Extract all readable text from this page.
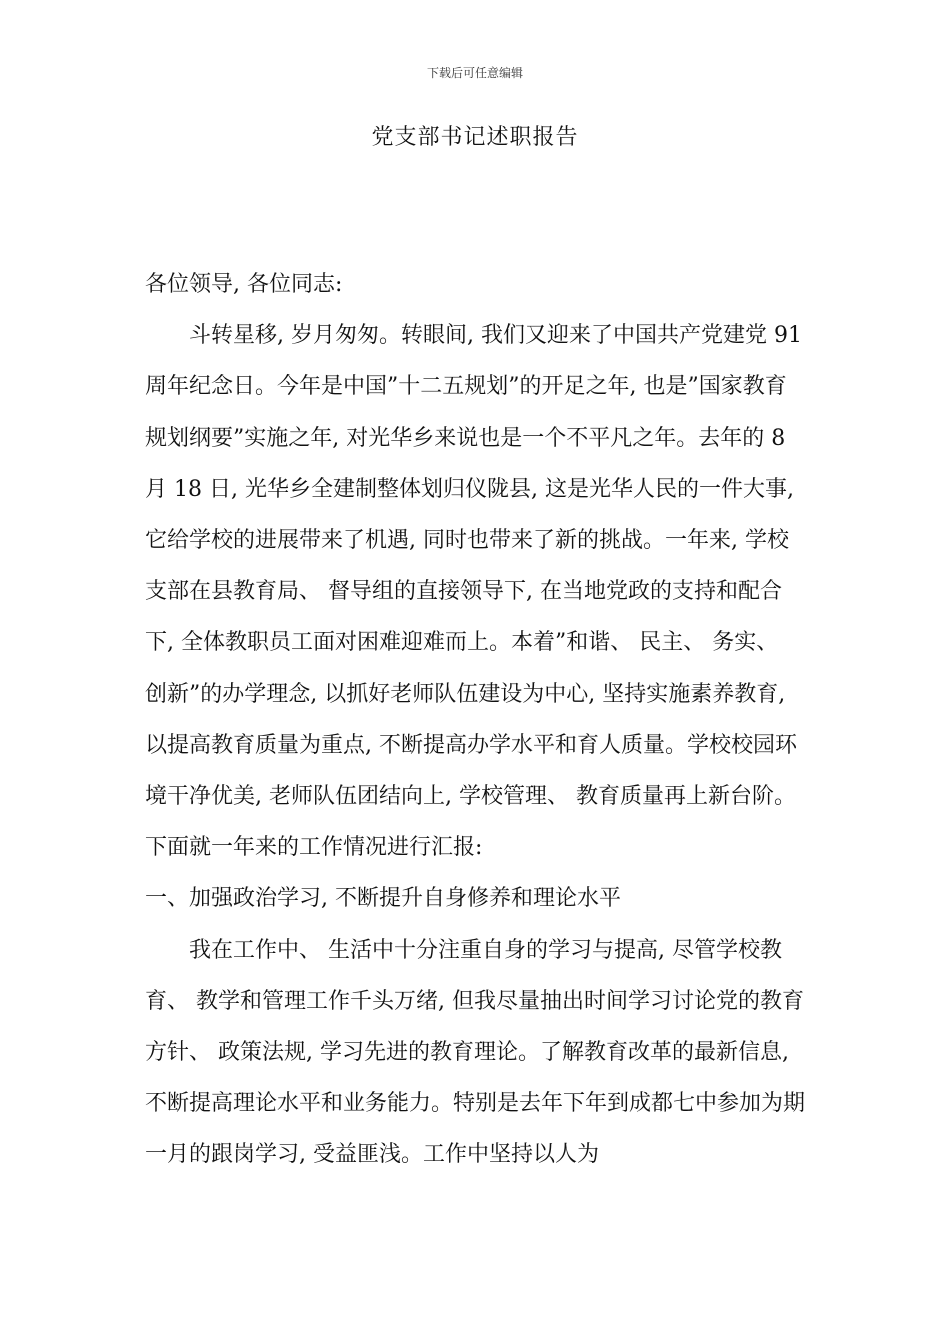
下载后可任意编辑
党支部书记述职报告

各位领导, 各位同志:

斗转星移, 岁月匆匆。转眼间, 我们又迎来了中国共产党建党 91 周年纪念日。今年是中国”十二五规划”的开足之年, 也是”国家教育规划纲要”实施之年, 对光华乡来说也是一个不平凡之年。去年的 8 月 18 日, 光华乡全建制整体划归仪陇县, 这是光华人民的一件大事, 它给学校的进展带来了机遇, 同时也带来了新的挑战。一年来, 学校支部在县教育局、 督导组的直接领导下, 在当地党政的支持和配合下, 全体教职员工面对困难迎难而上。本着”和谐、 民主、 务实、 创新”的办学理念, 以抓好老师队伍建设为中心, 坚持实施素养教育, 以提高教育质量为重点, 不断提高办学水平和育人质量。学校校园环境干净优美, 老师队伍团结向上, 学校管理、 教育质量再上新台阶。下面就一年来的工作情况进行汇报:

一、加强政治学习, 不断提升自身修养和理论水平

我在工作中、 生活中十分注重自身的学习与提高, 尽管学校教育、 教学和管理工作千头万绪, 但我尽量抽出时间学习讨论党的教育方针、 政策法规, 学习先进的教育理论。了解教育改革的最新信息, 不断提高理论水平和业务能力。特别是去年下年到成都七中参加为期一月的跟岗学习, 受益匪浅。工作中坚持以人为
